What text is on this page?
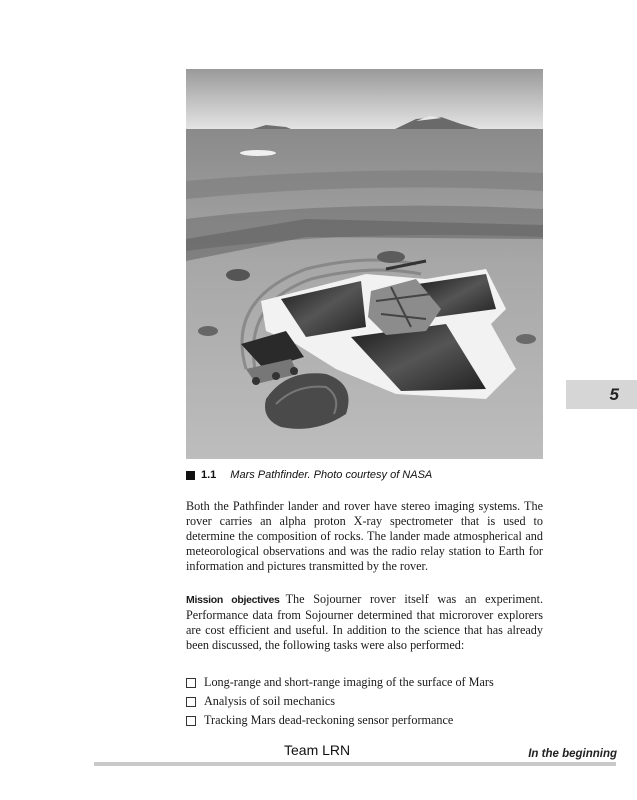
1.1 Mars Pathfinder. Photo courtesy of NASA

Both the Pathfinder lander and rover have stereo imaging systems. The rover carries an alpha proton X-ray spectrometer that is used to determine the composition of rocks. The lander made atmospherical and meteorological observations and was the radio relay station to Earth for information and pictures transmitted by the rover.

Mission objectives The Sojourner rover itself was an experiment. Performance data from Sojourner determined that microrover explorers are cost efficient and useful. In addition to the science that has already been discussed, the following tasks were also performed:

Long-range and short-range imaging of the surface of Mars
Analysis of soil mechanics
Tracking Mars dead-reckoning sensor performance
5
Team LRN	In the beginning
